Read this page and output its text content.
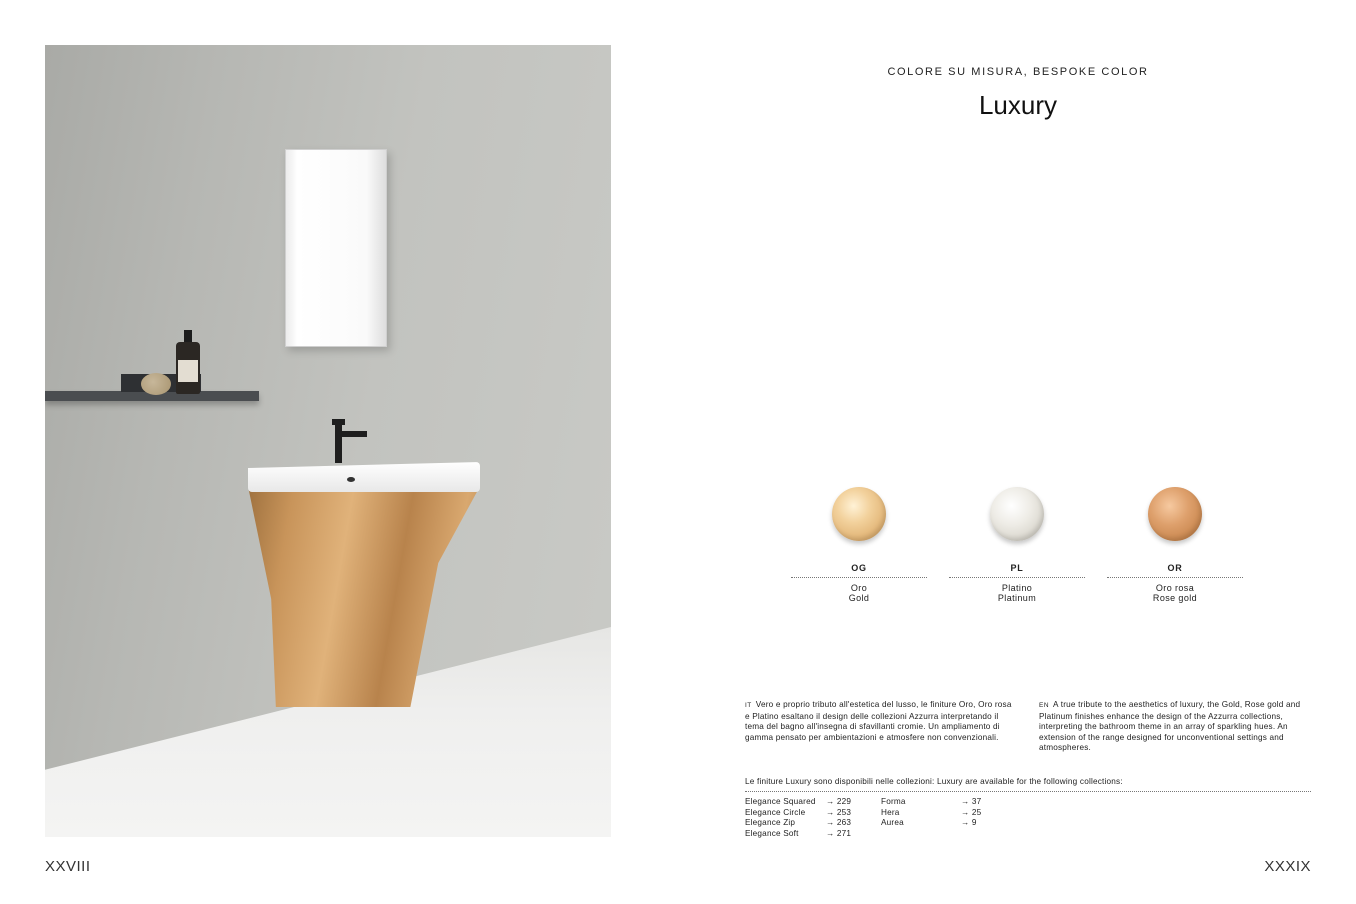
COLORE SU MISURA, BESPOKE COLOR
Luxury
OG
Oro
Gold
PL
Platino
Platinum
OR
Oro rosa
Rose gold
IT Vero e proprio tributo all'estetica del lusso, le finiture Oro, Oro rosa e Platino esaltano il design delle collezioni Azzurra interpretando il tema del bagno all'insegna di sfavillanti cromie. Un ampliamento di gamma pensato per ambientazioni e atmosfere non convenzionali.
EN A true tribute to the aesthetics of luxury, the Gold, Rose gold and Platinum finishes enhance the design of the Azzurra collections, interpreting the bathroom theme in an array of sparkling hues. An extension of the range designed for unconventional settings and atmospheres.
Le finiture Luxury sono disponibili nelle collezioni: Luxury are available for the following collections:
Elegance Squared → 229
Elegance Circle	→ 253
Elegance Zip	→ 263
Elegance Soft	→ 271
Forma	→ 37
Hera	→ 25
Aurea	→ 9
XXVIII	XXXIX
